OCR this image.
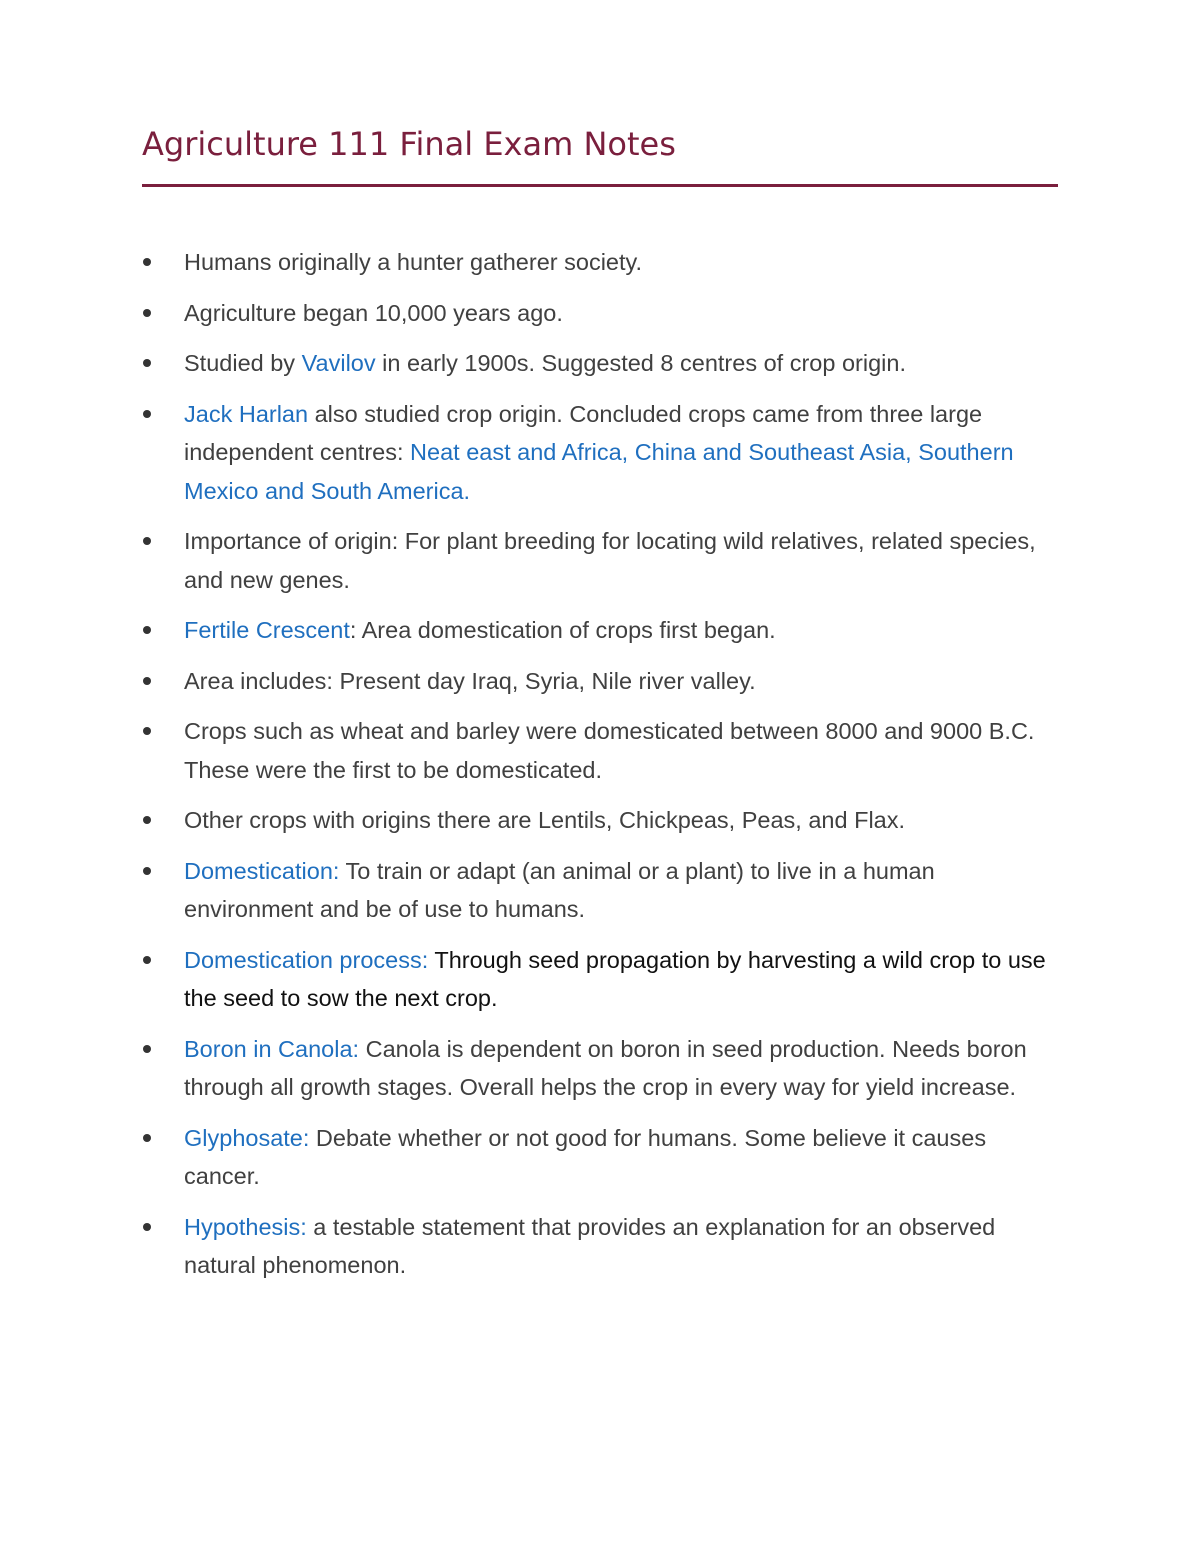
Agriculture 111 Final Exam Notes
Humans originally a hunter gatherer society.
Agriculture began 10,000 years ago.
Studied by Vavilov in early 1900s. Suggested 8 centres of crop origin.
Jack Harlan also studied crop origin. Concluded crops came from three large independent centres: Neat east and Africa, China and Southeast Asia, Southern Mexico and South America.
Importance of origin: For plant breeding for locating wild relatives, related species, and new genes.
Fertile Crescent: Area domestication of crops first began.
Area includes: Present day Iraq, Syria, Nile river valley.
Crops such as wheat and barley were domesticated between 8000 and 9000 B.C. These were the first to be domesticated.
Other crops with origins there are Lentils, Chickpeas, Peas, and Flax.
Domestication: To train or adapt (an animal or a plant) to live in a human environment and be of use to humans.
Domestication process: Through seed propagation by harvesting a wild crop to use the seed to sow the next crop.
Boron in Canola: Canola is dependent on boron in seed production. Needs boron through all growth stages. Overall helps the crop in every way for yield increase.
Glyphosate: Debate whether or not good for humans. Some believe it causes cancer.
Hypothesis: a testable statement that provides an explanation for an observed natural phenomenon.
